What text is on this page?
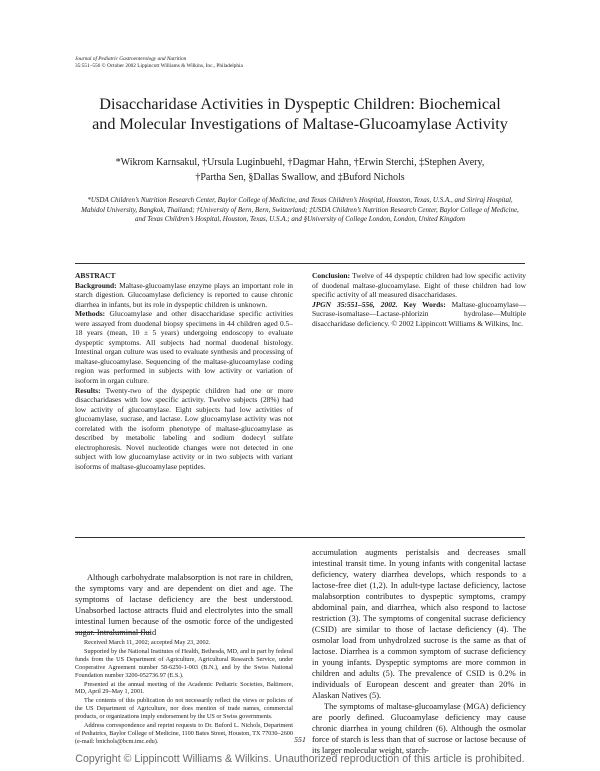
Journal of Pediatric Gastroenterology and Nutrition
35:551–556 © October 2002 Lippincott Williams & Wilkins, Inc., Philadelphia
Disaccharidase Activities in Dyspeptic Children: Biochemical
and Molecular Investigations of Maltase-Glucoamylase Activity
*Wikrom Karnsakul, †Ursula Luginbuehl, †Dagmar Hahn, †Erwin Sterchi, ‡Stephen Avery,
†Partha Sen, §Dallas Swallow, and ‡Buford Nichols
*USDA Children’s Nutrition Research Center, Baylor College of Medicine, and Texas Children’s Hospital, Houston, Texas, U.S.A., and Siriraj Hospital, Mahidol University, Bangkok, Thailand; †University of Bern, Bern, Switzerland; ‡USDA Children’s Nutrition Research Center, Baylor College of Medicine, and Texas Children’s Hospital, Houston, Texas, U.S.A.; and §University of College London, London, United Kingdom

ABSTRACT

Background: Maltase-glucoamylase enzyme plays an important role in starch digestion. Glucoamylase deficiency is reported to cause chronic diarrhea in infants, but its role in dyspeptic children is unknown.

Methods: Glucoamylase and other disaccharidase specific activities were assayed from duodenal biopsy specimens in 44 children aged 0.5–18 years (mean, 10 ± 5 years) undergoing endoscopy to evaluate dyspeptic symptoms. All subjects had normal duodenal histology. Intestinal organ culture was used to evaluate synthesis and processing of maltase-glucoamylase. Sequencing of the maltase-glucoamylase coding region was performed in subjects with low activity or variation of isoform in organ culture.

Results: Twenty-two of the dyspeptic children had one or more disaccharidases with low specific activity. Twelve subjects (28%) had low activity of glucoamylase. Eight subjects had low activities of glucoamylase, sucrase, and lactase. Low glucoamylase activity was not correlated with the isoform phenotype of maltase-glucoamylase as described by metabolic labeling and sodium dodecyl sulfate electrophoresis. Novel nucleotide changes were not detected in one subject with low glucoamylase activity or in two subjects with variant isoforms of maltase-glucoamylase peptides.

Conclusion: Twelve of 44 dyspeptic children had low specific activity of duodenal maltase-glucoamylase. Eight of these children had low specific activity of all measured disaccharidases.

JPGN 35:551–556, 2002. Key Words: Maltase-glucoamylase—Sucrase-isomaltase—Lactase-phlorizin hydrolase—Multiple disaccharidase deficiency. © 2002 Lippincott Williams & Wilkins, Inc.

Although carbohydrate malabsorption is not rare in children, the symptoms vary and are dependent on diet and age. The symptoms of lactase deficiency are the best understood. Unabsorbed lactose attracts fluid and electrolytes into the small intestinal lumen because of the osmotic force of the undigested sugar. Intraluminal fluid

accumulation augments peristalsis and decreases small intestinal transit time. In young infants with congenital lactase deficiency, watery diarrhea develops, which responds to a lactose-free diet (1,2). In adult-type lactase deficiency, lactose malabsorption contributes to dyspeptic symptoms, crampy abdominal pain, and diarrhea, which also respond to lactose restriction (3). The symptoms of congenital sucrase deficiency (CSID) are similar to those of lactase deficiency (4). The osmolar load from unhydrolzed sucrose is the same as that of lactose. Diarrhea is a common symptom of sucrase deficiency in young infants. Dyspeptic symptoms are more common in children and adults (5). The prevalence of CSID is 0.2% in individuals of European descent and greater than 20% in Alaskan Natives (5).

The symptoms of maltase-glucoamylase (MGA) deficiency are poorly defined. Glucoamylase deficiency may cause chronic diarrhea in young children (6). Although the osmolar force of starch is less than that of sucrose or lactose because of its larger molecular weight, starch-

Received March 11, 2002; accepted May 23, 2002.

Supported by the National Institutes of Health, Bethesda, MD, and in part by federal funds from the US Department of Agriculture, Agricultural Research Service, under Cooperative Agreement number 58-6250-1-003 (B.N.), and by the Swiss National Foundation number 3200-052736.97 (E.S.).

Presented at the annual meeting of the Academic Pediatric Societies, Baltimore, MD, April 29–May 1, 2001.

The contents of this publication do not necessarily reflect the views or policies of the US Department of Agriculture, nor does mention of trade names, commercial products, or organizations imply endorsement by the US or Swiss governments.

Address correspondence and reprint requests to Dr. Buford L. Nichols, Department of Pediatrics, Baylor College of Medicine, 1100 Bates Street, Houston, TX 77030–2600 (e-mail: bnichols@bcm.tmc.edu).	551
Copyright © Lippincott Williams & Wilkins. Unauthorized reproduction of this article is prohibited.
